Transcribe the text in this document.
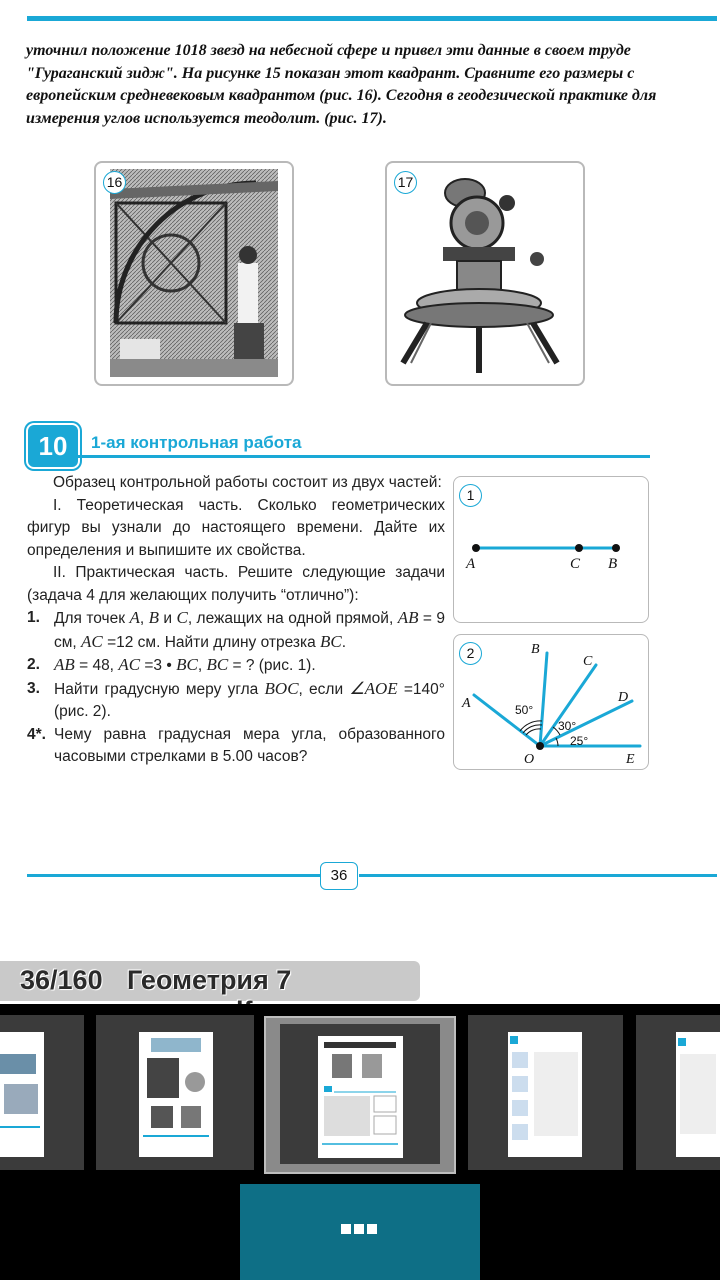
уточнил положение 1018 звезд на небесной сфере и привел эти данные в своем труде "Гураганский зидж". На рисунке 15 показан этот квадрант. Сравните его размеры с европейским средневековым квадрантом (рис. 16). Сегодня в геодезической практике для измерения углов используется теодолит. (рис. 17).
16	17
10	1-ая контрольная работа

Образец контрольной работы состоит из двух частей:

I. Теоретическая часть. Сколько геометрических фигур вы узнали до настоящего времени. Дайте их определения и выпишите их свойства.

II. Практическая часть. Решите следующие задачи (задача 4 для желающих получить “отлично”):

1. Для точек A, B и C, лежащих на одной прямой, AB = 9 см, AC =12 см. Найти длину отрезка BC.

2. AB = 48, AC =3 • BC, BC = ? (рис. 1).

3. Найти градусную меру угла BOC, если ∠AOE =140° (рис. 2).

4*. Чему равна градусная мера угла, образованного часовыми стрелками в 5.00 часов?

1
A	C B
2
A
B
C
D
E
O
50°
30°
25°
36
36/160 Геометрия 7
